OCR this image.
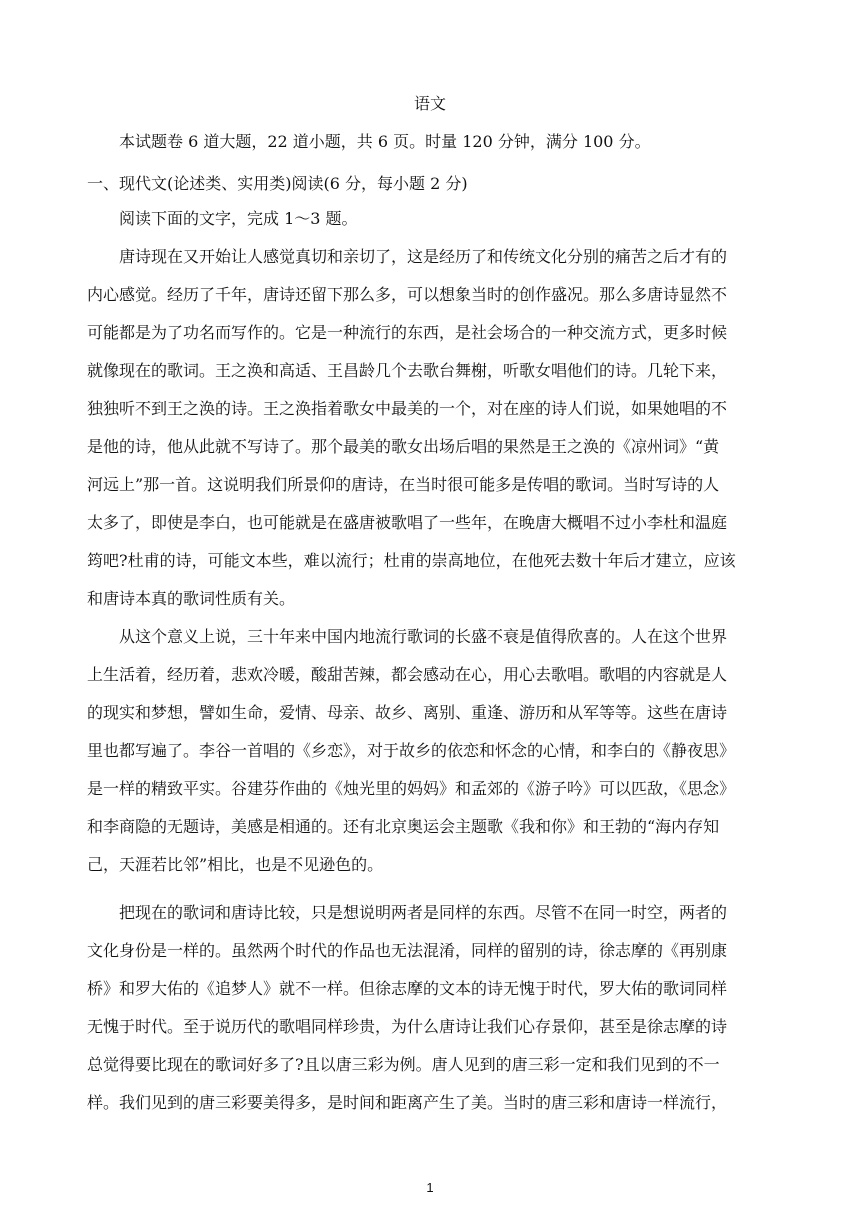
语文
本试题卷 6 道大题，22 道小题，共 6 页。时量 120 分钟，满分 100 分。
一、现代文(论述类、实用类)阅读(6 分，每小题 2 分)
阅读下面的文字，完成 1～3 题。
唐诗现在又开始让人感觉真切和亲切了，这是经历了和传统文化分别的痛苦之后才有的
内心感觉。经历了千年，唐诗还留下那么多，可以想象当时的创作盛况。那么多唐诗显然不
可能都是为了功名而写作的。它是一种流行的东西，是社会场合的一种交流方式，更多时候
就像现在的歌词。王之涣和高适、王昌龄几个去歌台舞榭，听歌女唱他们的诗。几轮下来，
独独听不到王之涣的诗。王之涣指着歌女中最美的一个，对在座的诗人们说，如果她唱的不
是他的诗，他从此就不写诗了。那个最美的歌女出场后唱的果然是王之涣的《凉州词》“黄
河远上”那一首。这说明我们所景仰的唐诗，在当时很可能多是传唱的歌词。当时写诗的人
太多了，即使是李白，也可能就是在盛唐被歌唱了一些年，在晚唐大概唱不过小李杜和温庭
筠吧?杜甫的诗，可能文本些，难以流行；杜甫的崇高地位，在他死去数十年后才建立，应该
和唐诗本真的歌词性质有关。
从这个意义上说，三十年来中国内地流行歌词的长盛不衰是值得欣喜的。人在这个世界
上生活着，经历着，悲欢冷暖，酸甜苦辣，都会感动在心，用心去歌唱。歌唱的内容就是人
的现实和梦想，譬如生命，爱情、母亲、故乡、离别、重逢、游历和从军等等。这些在唐诗
里也都写遍了。李谷一首唱的《乡恋》，对于故乡的依恋和怀念的心情，和李白的《静夜思》
是一样的精致平实。谷建芬作曲的《烛光里的妈妈》和孟郊的《游子吟》可以匹敌，《思念》
和李商隐的无题诗，美感是相通的。还有北京奥运会主题歌《我和你》和王勃的“海内存知
己，天涯若比邻”相比，也是不见逊色的。
把现在的歌词和唐诗比较，只是想说明两者是同样的东西。尽管不在同一时空，两者的
文化身份是一样的。虽然两个时代的作品也无法混淆，同样的留别的诗，徐志摩的《再别康
桥》和罗大佑的《追梦人》就不一样。但徐志摩的文本的诗无愧于时代，罗大佑的歌词同样
无愧于时代。至于说历代的歌唱同样珍贵，为什么唐诗让我们心存景仰，甚至是徐志摩的诗
总觉得要比现在的歌词好多了?且以唐三彩为例。唐人见到的唐三彩一定和我们见到的不一
样。我们见到的唐三彩要美得多，是时间和距离产生了美。当时的唐三彩和唐诗一样流行，
1
